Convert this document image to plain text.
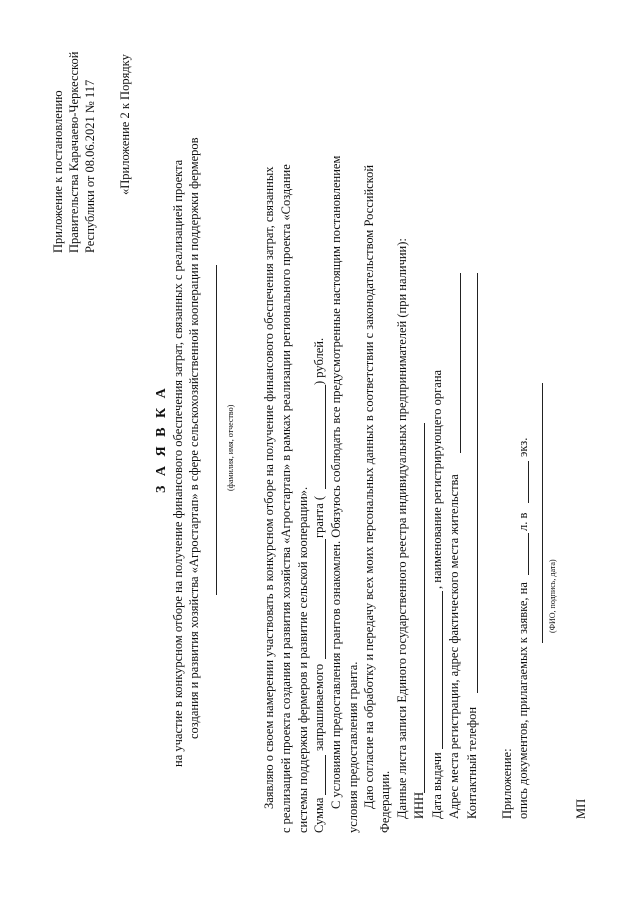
Приложение к постановлению Правительства Карачаево-Черкесской Республики от 08.06.2021 № 117 «Приложение 2 к Порядку
З А Я В К А на участие в конкурсном отборе на получение финансового обеспечения затрат, связанных с реализацией проекта создания и развития хозяйства «Агростартап» в сфере сельскохозяйственной кооперации и поддержки фермеров	(фамилия, имя, отчество) Заявляю о своем намерении участвовать в конкурсном отборе на получение финансового обеспечения затрат, связанных с реализацией проекта создания и развития хозяйства «Агростартап» в рамках реализации регионального проекта «Создание системы поддержки фермеров и развитие сельской кооперации». Сумма
запрашиваемого
гранта (
) рублей. С условиями предоставления грантов ознакомлен. Обязуюсь соблюдать все предусмотренные настоящим постановлением условия предоставления гранта. Даю согласие на обработку и передачу всех моих персональных данных в соответствии с законодательством Российской Федерации. Данные листа записи Единого государственного реестра индивидуальных предпринимателей (при наличии): ИНН Дата выдачи
, наименование регистрирующего органа Адрес места регистрации, адрес фактического места жительства Контактный телефон Приложение: опись документов, прилагаемых к заявке, на
л. в
экз.
(ФИО, подпись, дата)
МП
